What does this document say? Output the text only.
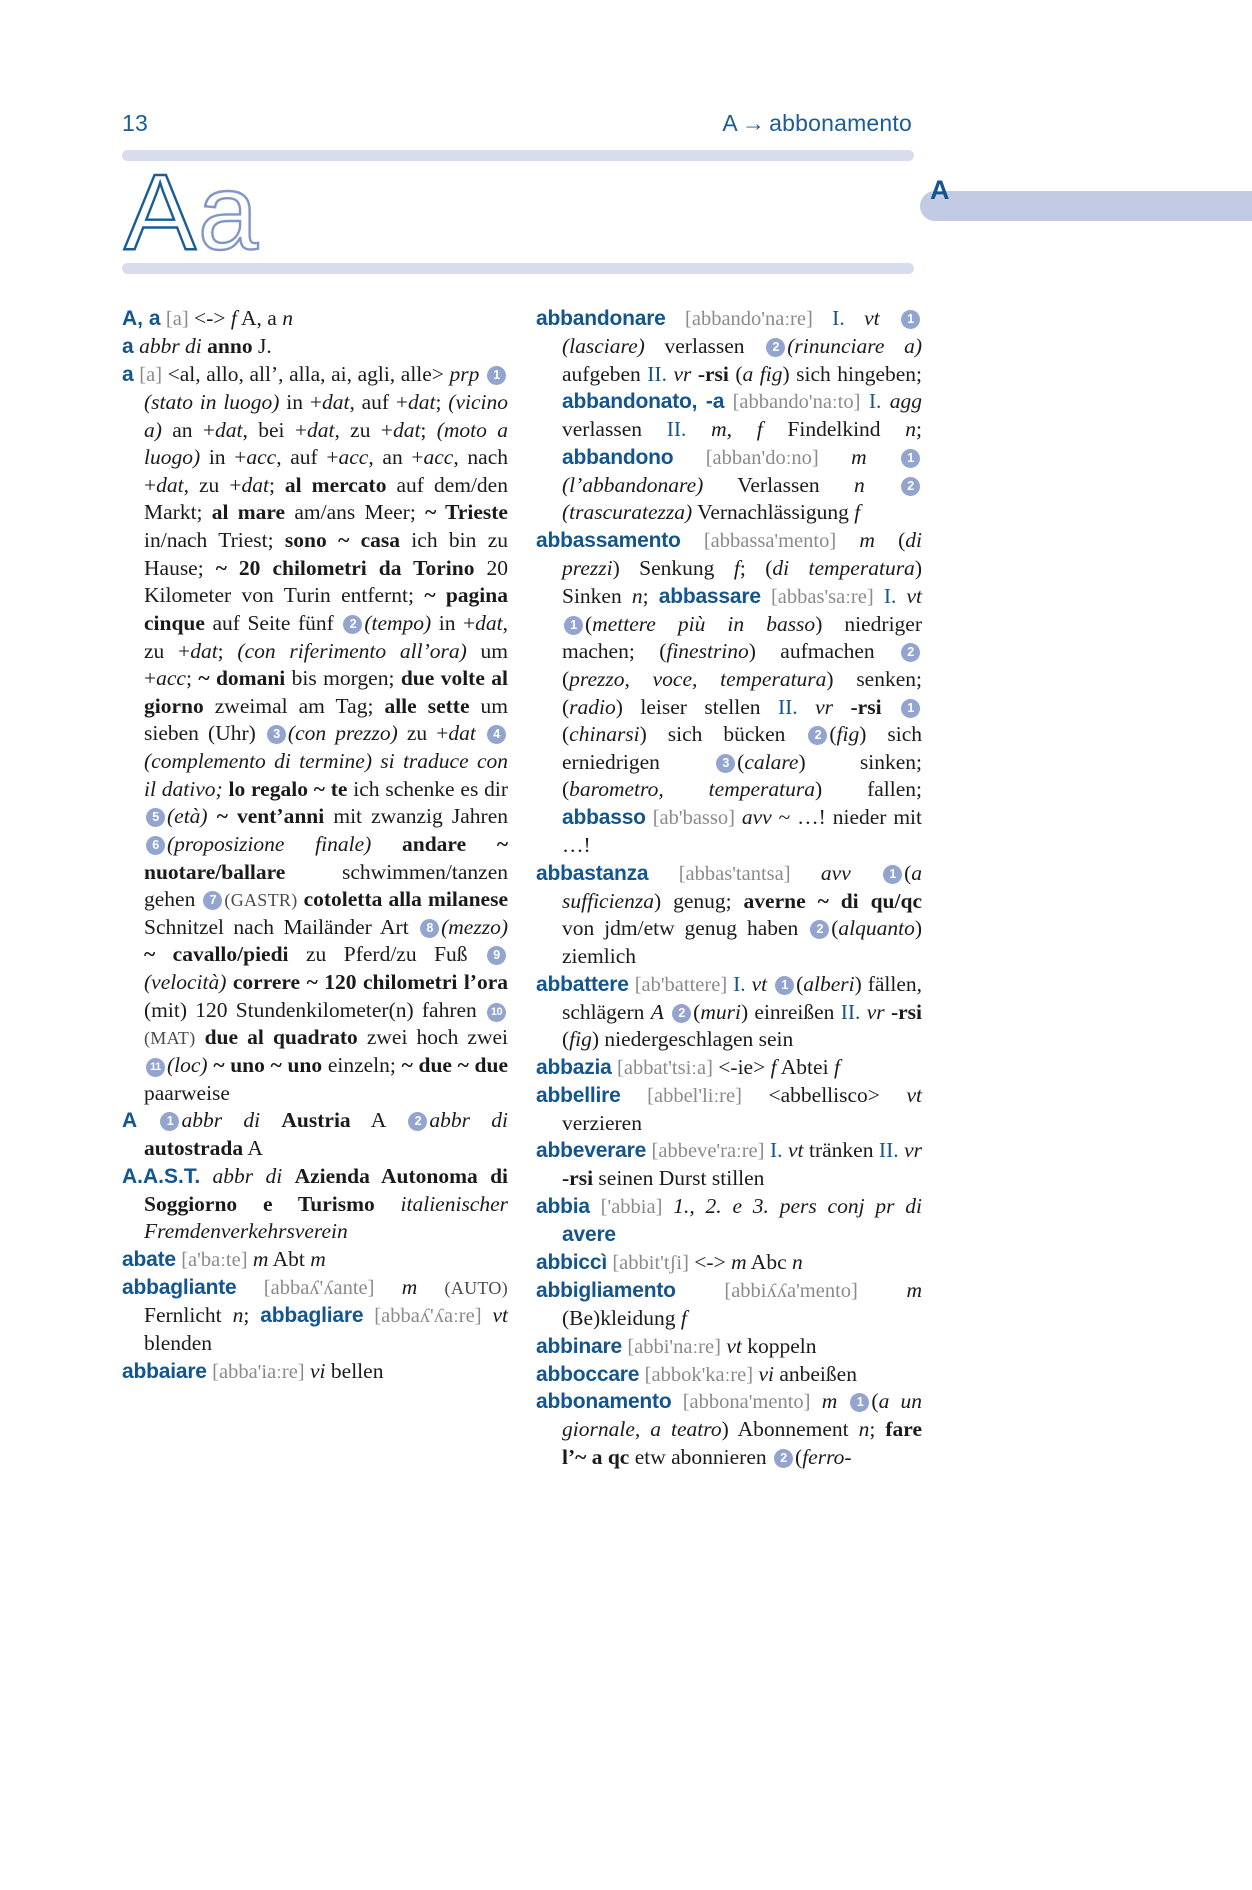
13	A → abbonamento
Aa	A

A, a [a] <-> f A, a n

a abbr di anno J.

a [a] <al, allo, all’, alla, ai, agli, alle> prp 1(stato in luogo) in +dat, auf +dat; (vicino a) an +dat, bei +dat, zu +dat; (moto a luogo) in +acc, auf +acc, an +acc, nach +dat, zu +dat; al mercato auf dem/den Markt; al mare am/ans Meer; ~ Trieste in/nach Triest; sono ~ casa ich bin zu Hause; ~ 20 chilometri da Torino 20 Kilometer von Turin entfernt; ~ pagina cinque auf Seite fünf 2 (tempo) in +dat, zu +dat; (con riferimento all’ora) um +acc; ~ domani bis morgen; due volte al giorno zweimal am Tag; alle sette um sieben (Uhr) 3 (con prezzo) zu +dat 4(complemento di termine) si traduce con il dativo; lo regalo ~ te ich schenke es dir 5 (età) ~ vent’anni mit zwanzig Jahren 6 (proposizione finale) andare ~ nuotare/ballare schwimmen/tanzen gehen 7 (GASTR) cotoletta alla milanese Schnitzel nach Mailänder Art 8 (mezzo) ~ cavallo/piedi zu Pferd/zu Fuß 9(velocità) correre ~ 120 chilometri l’ora (mit) 120 Stundenkilometer(n) fahren 10(MAT) due al quadrato zwei hoch zwei 11 (loc) ~ uno ~ uno einzeln; ~ due ~ due paarweise

A 1 abbr di Austria A 2 abbr di autostrada A

A.A.S.T. abbr di Azienda Autonoma di Soggiorno e Turismo italienischer Fremdenverkehrsverein

abate [a'baːte] m Abt m

abbagliante [abbaʎ'ʎante] m (AUTO) Fernlicht n; abbagliare [abbaʎ'ʎaːre] vt blenden

abbaiare [abba'iaːre] vi bellen

abbandonare [abbando'naːre] I. vt 1(lasciare) verlassen 2 (rinunciare a) aufgeben II. vr -rsi (a fig) sich hingeben; abbandonato, -a [abbando'naːto] I. agg verlassen II. m, f Findelkind n; abbandono [abban'doːno] m	1(l’abbandonare) Verlassen n	2(trascuratezza) Vernachlässigung f

abbassamento [abbassa'mento] m (di prezzi) Senkung f; (di temperatura) Sinken n; abbassare [abbas'saːre] I. vt 1 (mettere più in basso) niedriger machen; (finestrino) aufmachen 2(prezzo, voce, temperatura) senken; (radio) leiser stellen II. vr -rsi 1(chinarsi) sich bücken 2 (fig) sich erniedrigen 3 (calare) sinken; (barometro, temperatura) fallen; abbasso [ab'basso] avv ~ …! nieder mit …!

abbastanza [abbas'tantsa] avv	1 (a sufficienza) genug; averne ~ di qu/qc von jdm/etw genug haben 2 (alquanto) ziemlich

abbattere [ab'battere] I. vt 1 (alberi) fällen, schlägern A 2 (muri) einreißen II. vr -rsi (fig) niedergeschlagen sein

abbazia [abbat'tsiːa] <-ie> f Abtei f

abbellire [abbel'liːre] <abbellisco> vt verzieren

abbeverare [abbeve'raːre] I. vt tränken II. vr -rsi seinen Durst stillen

abbia ['abbia] 1., 2. e 3. pers conj pr di avere

abbiccì [abbit'tʃi] <-> m Abc n

abbigliamento [abbiʎʎa'mento] m (Be)kleidung f

abbinare [abbi'naːre] vt koppeln

abboccare [abbok'kaːre] vi anbeißen

abbonamento [abbona'mento] m 1 (a un giornale, a teatro) Abonnement n; fare l’~ a qc etw abonnieren 2 (ferro-
